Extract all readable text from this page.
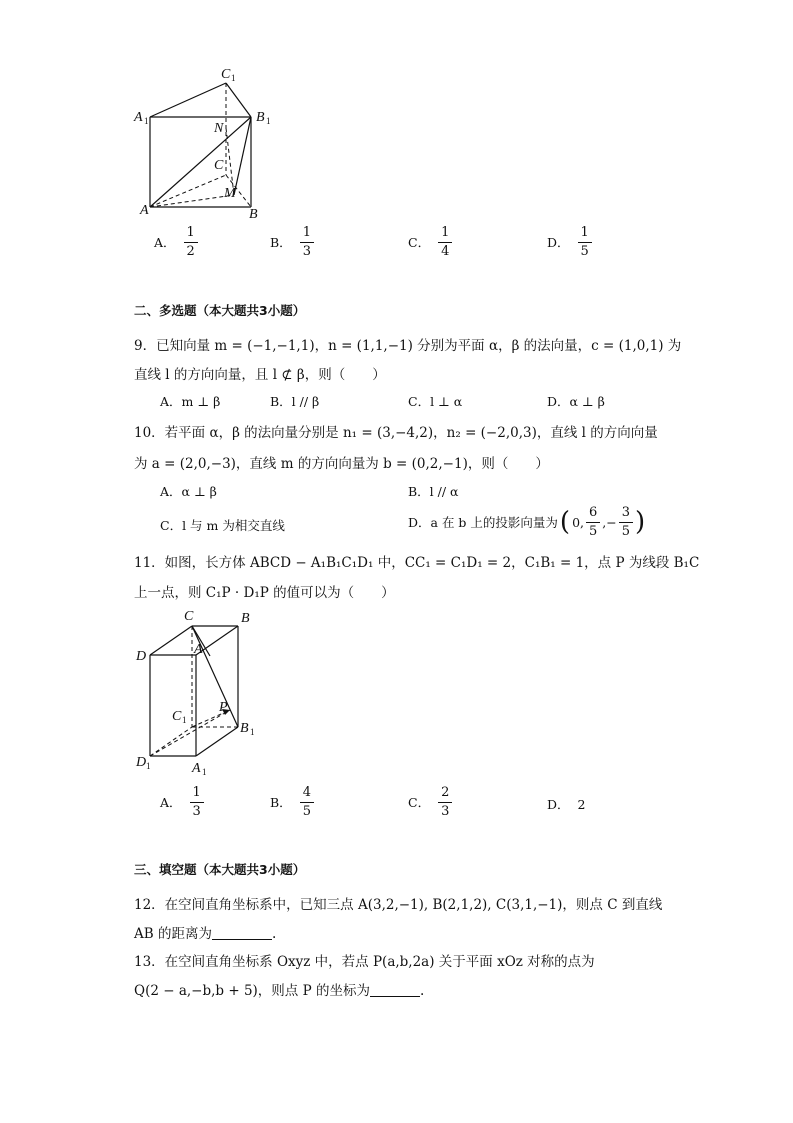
C 1
A 1	B 1
N
C
M
A	B
A． $\frac{1}{2}$	B． $\frac{1}{3}$	C． $\frac{1}{4}$	D． $\frac{1}{5}$
二、多选题（本大题共3小题）
9．已知向量 m = (−1,−1,1)，n = (1,1,−1) 分别为平面 α，β 的法向量，c = (1,0,1) 为
直线 l 的方向向量，且 l ⊄ β，则（　　）
A．m ⊥ β	B．l // β	C．l ⊥ α	D．α ⊥ β
10．若平面 α，β 的法向量分别是 n₁ = (3,−4,2)，n₂ = (−2,0,3)，直线 l 的方向向量
为 a = (2,0,−3)，直线 m 的方向向量为 b = (0,2,−1)，则（　　）
A．α ⊥ β	B．l // α
C．l 与 m 为相交直线	D．a 在 b 上的投影向量为 ( 0, $\frac{6}{5}$ ,− $\frac{3}{5}$ )
11．如图，长方体 ABCD − A₁B₁C₁D₁ 中，CC₁ = C₁D₁ = 2，C₁B₁ = 1，点 P 为线段 B₁C
上一点，则 C₁P · D₁P 的值可以为（　　）
C	B
D	A
C 1
P
B 1
D 1	A 1
A． $\frac{1}{3}$	B． $\frac{4}{5}$	C． $\frac{2}{3}$	D． 2
三、填空题（本大题共3小题）
12．在空间直角坐标系中，已知三点 A(3,2,−1), B(2,1,2), C(3,1,−1)，则点 C 到直线
AB 的距离为	.
13．在空间直角坐标系 Oxyz 中，若点 P(a,b,2a) 关于平面 xOz 对称的点为
Q(2 − a,−b,b + 5)，则点 P 的坐标为	.
